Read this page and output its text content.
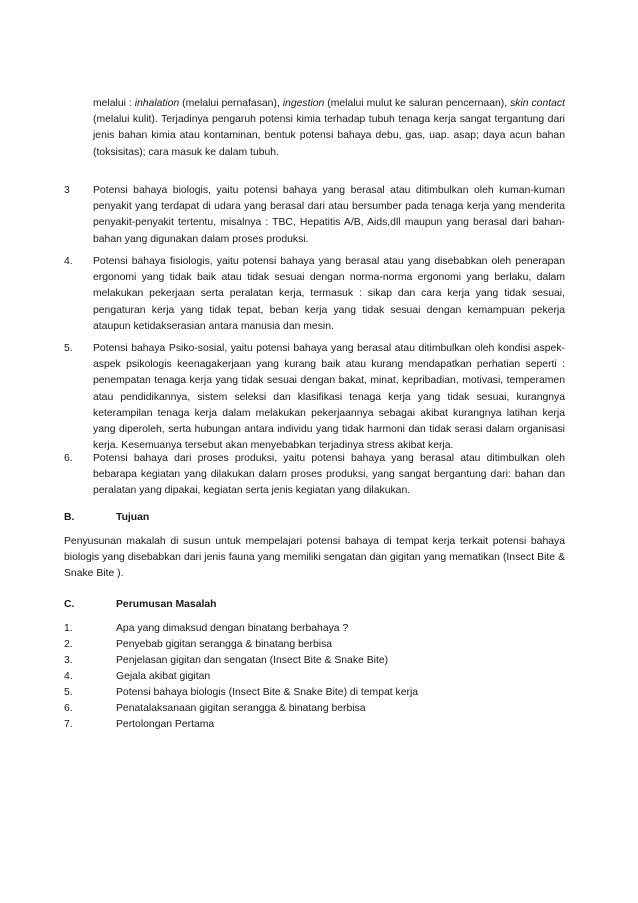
melalui : inhalation (melalui pernafasan), ingestion (melalui mulut ke saluran pencernaan), skin contact (melalui kulit). Terjadinya pengaruh potensi kimia terhadap tubuh tenaga kerja sangat tergantung dari jenis bahan kimia atau kontaminan, bentuk potensi bahaya debu, gas, uap. asap; daya acun bahan (toksisitas); cara masuk ke dalam tubuh.

3 Potensi bahaya biologis, yaitu potensi bahaya yang berasal atau ditimbulkan oleh kuman-kuman penyakit yang terdapat di udara yang berasal dari atau bersumber pada tenaga kerja yang menderita penyakit-penyakit tertentu, misalnya : TBC, Hepatitis A/B, Aids,dll maupun yang berasal dari bahan-bahan yang digunakan dalam proses produksi.

4. Potensi bahaya fisiologis, yaitu potensi bahaya yang berasal atau yang disebabkan oleh penerapan ergonomi yang tidak baik atau tidak sesuai dengan norma-norma ergonomi yang berlaku, dalam melakukan pekerjaan serta peralatan kerja, termasuk : sikap dan cara kerja yang tidak sesuai, pengaturan kerja yang tidak tepat, beban kerja yang tidak sesuai dengan kemampuan pekerja ataupun ketidakserasian antara manusia dan mesin.

5. Potensi bahaya Psiko-sosial, yaitu potensi bahaya yang berasal atau ditimbulkan oleh kondisi aspek-aspek psikologis keenagakerjaan yang kurang baik atau kurang mendapatkan perhatian seperti : penempatan tenaga kerja yang tidak sesuai dengan bakat, minat, kepribadian, motivasi, temperamen atau pendidikannya, sistem seleksi dan klasifikasi tenaga kerja yang tidak sesuai, kurangnya keterampilan tenaga kerja dalam melakukan pekerjaannya sebagai akibat kurangnya latihan kerja yang diperoleh, serta hubungan antara individu yang tidak harmoni dan tidak serasi dalam organisasi kerja. Kesemuanya tersebut akan menyebabkan terjadinya stress akibat kerja.

6. Potensi bahaya dari proses produksi, yaitu potensi bahaya yang berasal atau ditimbulkan oleh bebarapa kegiatan yang dilakukan dalam proses produksi, yang sangat bergantung dari: bahan dan peralatan yang dipakai, kegiatan serta jenis kegiatan yang dilakukan.

B.	Tujuan

Penyusunan makalah di susun untuk mempelajari potensi bahaya di tempat kerja terkait potensi bahaya biologis yang disebabkan dari jenis fauna yang memiliki sengatan dan gigitan yang mematikan (Insect Bite & Snake Bite ).

C.	Perumusan Masalah
1.	Apa yang dimaksud dengan binatang berbahaya ?
2.	Penyebab gigitan serangga & binatang berbisa
3.	Penjelasan gigitan dan sengatan (Insect Bite & Snake Bite)
4.	Gejala akibat gigitan
5.	Potensi bahaya biologis (Insect Bite & Snake Bite) di tempat kerja
6.	Penatalaksanaan gigitan serangga & binatang berbisa
7.	Pertolongan Pertama
